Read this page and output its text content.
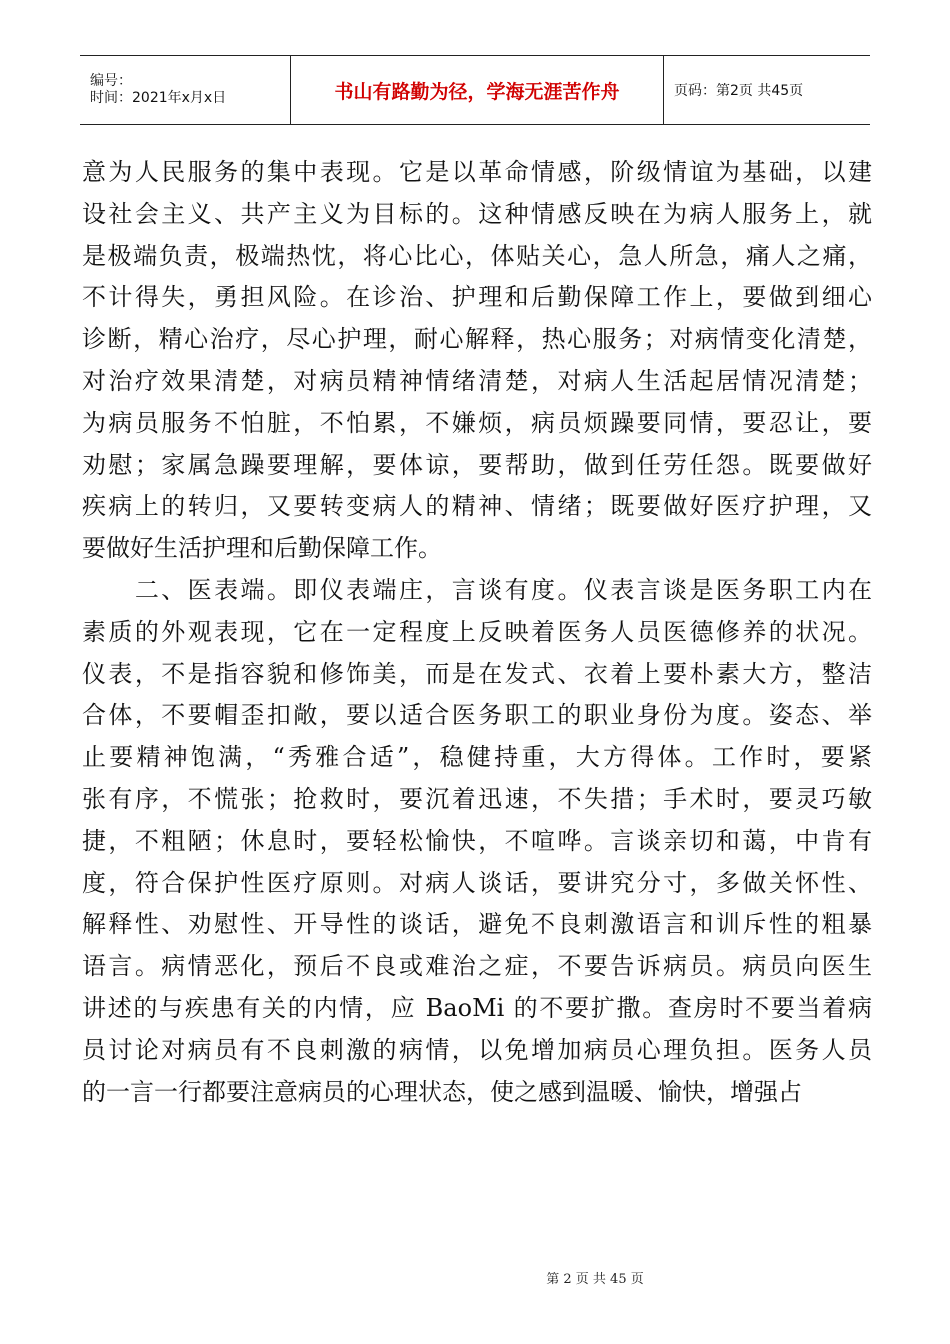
编号：
时间：2021年x月x日	书山有路勤为径，学海无涯苦作舟	页码：第2页 共45页
意为人民服务的集中表现。它是以革命情感，阶级情谊为基础，以建
设社会主义、共产主义为目标的。这种情感反映在为病人服务上，就
是极端负责，极端热忱，将心比心，体贴关心，急人所急，痛人之痛，
不计得失，勇担风险。在诊治、护理和后勤保障工作上，要做到细心
诊断，精心治疗，尽心护理，耐心解释，热心服务；对病情变化清楚，
对治疗效果清楚，对病员精神情绪清楚，对病人生活起居情况清楚；
为病员服务不怕脏，不怕累，不嫌烦，病员烦躁要同情，要忍让，要
劝慰；家属急躁要理解，要体谅，要帮助，做到任劳任怨。既要做好
疾病上的转归，又要转变病人的精神、情绪；既要做好医疗护理，又
要做好生活护理和后勤保障工作。
　　二、医表端。即仪表端庄，言谈有度。仪表言谈是医务职工内在
素质的外观表现，它在一定程度上反映着医务人员医德修养的状况。
仪表，不是指容貌和修饰美，而是在发式、衣着上要朴素大方，整洁
合体，不要帽歪扣敞，要以适合医务职工的职业身份为度。姿态、举
止要精神饱满，“秀雅合适”，稳健持重，大方得体。工作时，要紧
张有序，不慌张；抢救时，要沉着迅速，不失措；手术时，要灵巧敏
捷，不粗陋；休息时，要轻松愉快，不喧哗。言谈亲切和蔼，中肯有
度，符合保护性医疗原则。对病人谈话，要讲究分寸，多做关怀性、
解释性、劝慰性、开导性的谈话，避免不良刺激语言和训斥性的粗暴
语言。病情恶化，预后不良或难治之症，不要告诉病员。病员向医生
讲述的与疾患有关的内情，应 BaoMi 的不要扩撒。查房时不要当着病
员讨论对病员有不良刺激的病情，以免增加病员心理负担。医务人员
的一言一行都要注意病员的心理状态，使之感到温暖、愉快，增强占
第 2 页 共 45 页
